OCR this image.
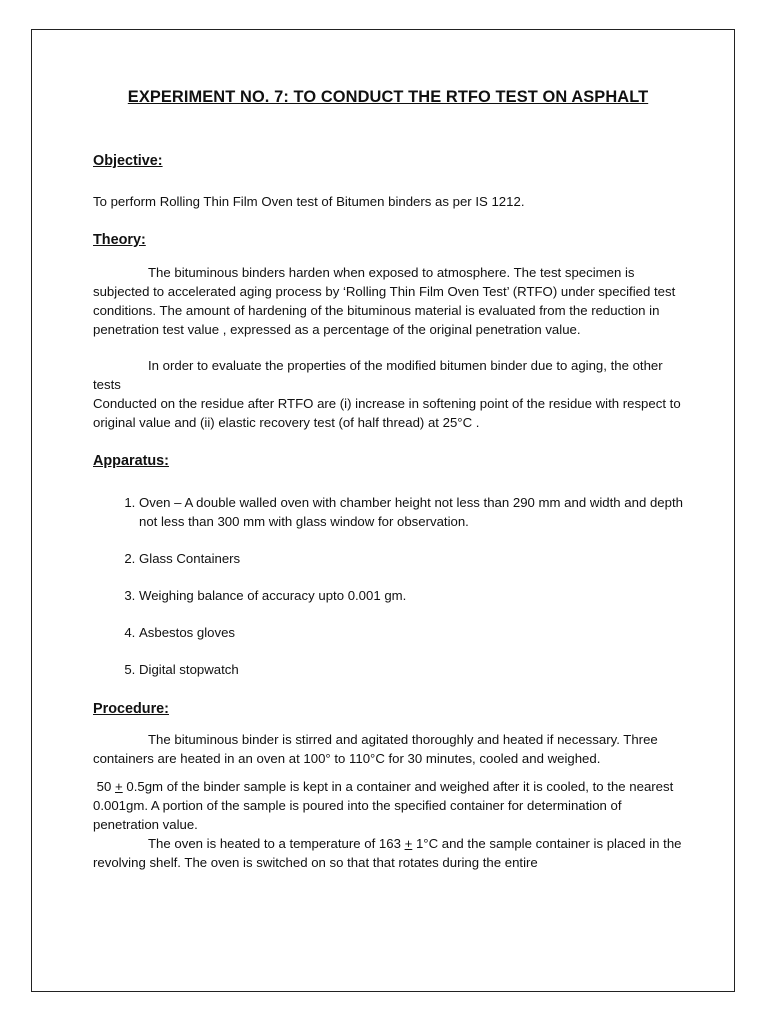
EXPERIMENT NO. 7: TO CONDUCT THE RTFO TEST ON ASPHALT
Objective:

To perform Rolling Thin Film Oven test of Bitumen binders as per IS 1212.

Theory:

The bituminous binders harden when exposed to atmosphere. The test specimen is subjected to accelerated aging process by ‘Rolling Thin Film Oven Test’ (RTFO) under specified test conditions. The amount of hardening of the bituminous material is evaluated from the reduction in penetration test value , expressed as a percentage of the original penetration value.

In order to evaluate the properties of the modified bitumen binder due to aging, the other tests

Conducted on the residue after RTFO are (i) increase in softening point of the residue with respect to original value and (ii) elastic recovery test (of half thread) at 25°C .

Apparatus:
1. Oven – A double walled oven with chamber height not less than 290 mm and width and depth not less than 300 mm with glass window for observation.
2. Glass Containers
3. Weighing balance of accuracy upto 0.001 gm.
4. Asbestos gloves
5. Digital stopwatch
Procedure:

The bituminous binder is stirred and agitated thoroughly and heated if necessary. Three containers are heated in an oven at 100° to 110°C for 30 minutes, cooled and weighed.

50 + 0.5gm of the binder sample is kept in a container and weighed after it is cooled, to the nearest 0.001gm. A portion of the sample is poured into the specified container for determination of penetration value.

The oven is heated to a temperature of 163 + 1°C and the sample container is placed in the revolving shelf. The oven is switched on so that that rotates during the entire
